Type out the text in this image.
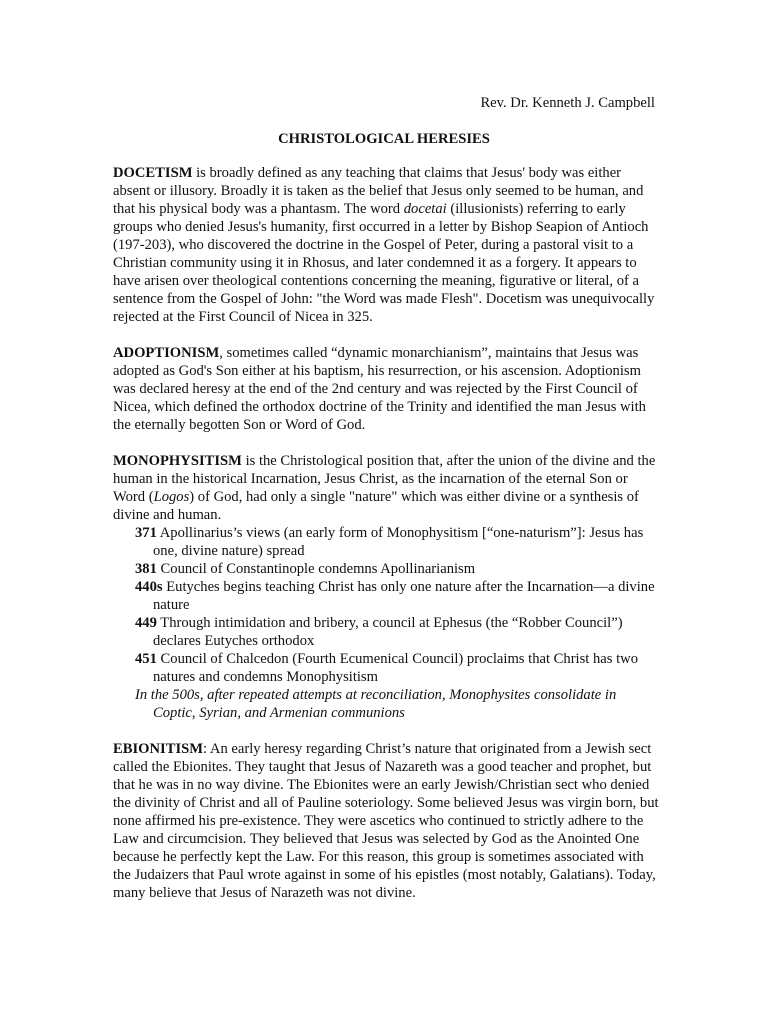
Rev. Dr. Kenneth J. Campbell
CHRISTOLOGICAL HERESIES

DOCETISM is broadly defined as any teaching that claims that Jesus' body was either absent or illusory. Broadly it is taken as the belief that Jesus only seemed to be human, and that his physical body was a phantasm. The word docetai (illusionists) referring to early groups who denied Jesus's humanity, first occurred in a letter by Bishop Seapion of Antioch (197-203), who discovered the doctrine in the Gospel of Peter, during a pastoral visit to a Christian community using it in Rhosus, and later condemned it as a forgery. It appears to have arisen over theological contentions concerning the meaning, figurative or literal, of a sentence from the Gospel of John: "the Word was made Flesh". Docetism was unequivocally rejected at the First Council of Nicea in 325.

ADOPTIONISM, sometimes called “dynamic monarchianism”, maintains that Jesus was adopted as God's Son either at his baptism, his resurrection, or his ascension. Adoptionism was declared heresy at the end of the 2nd century and was rejected by the First Council of Nicea, which defined the orthodox doctrine of the Trinity and identified the man Jesus with the eternally begotten Son or Word of God.

MONOPHYSITISM is the Christological position that, after the union of the divine and the human in the historical Incarnation, Jesus Christ, as the incarnation of the eternal Son or Word (Logos) of God, had only a single "nature" which was either divine or a synthesis of divine and human.

371 Apollinarius’s views (an early form of Monophysitism [“one-naturism”]: Jesus has one, divine nature) spread
381 Council of Constantinople condemns Apollinarianism
440s Eutyches begins teaching Christ has only one nature after the Incarnation—a divine nature
449 Through intimidation and bribery, a council at Ephesus (the “Robber Council”) declares Eutyches orthodox
451 Council of Chalcedon (Fourth Ecumenical Council) proclaims that Christ has two natures and condemns Monophysitism
In the 500s, after repeated attempts at reconciliation, Monophysites consolidate in Coptic, Syrian, and Armenian communions

EBIONITISM: An early heresy regarding Christ’s nature that originated from a Jewish sect called the Ebionites. They taught that Jesus of Nazareth was a good teacher and prophet, but that he was in no way divine. The Ebionites were an early Jewish/Christian sect who denied the divinity of Christ and all of Pauline soteriology. Some believed Jesus was virgin born, but none affirmed his pre-existence. They were ascetics who continued to strictly adhere to the Law and circumcision. They believed that Jesus was selected by God as the Anointed One because he perfectly kept the Law. For this reason, this group is sometimes associated with the Judaizers that Paul wrote against in some of his epistles (most notably, Galatians). Today, many believe that Jesus of Narazeth was not divine.
